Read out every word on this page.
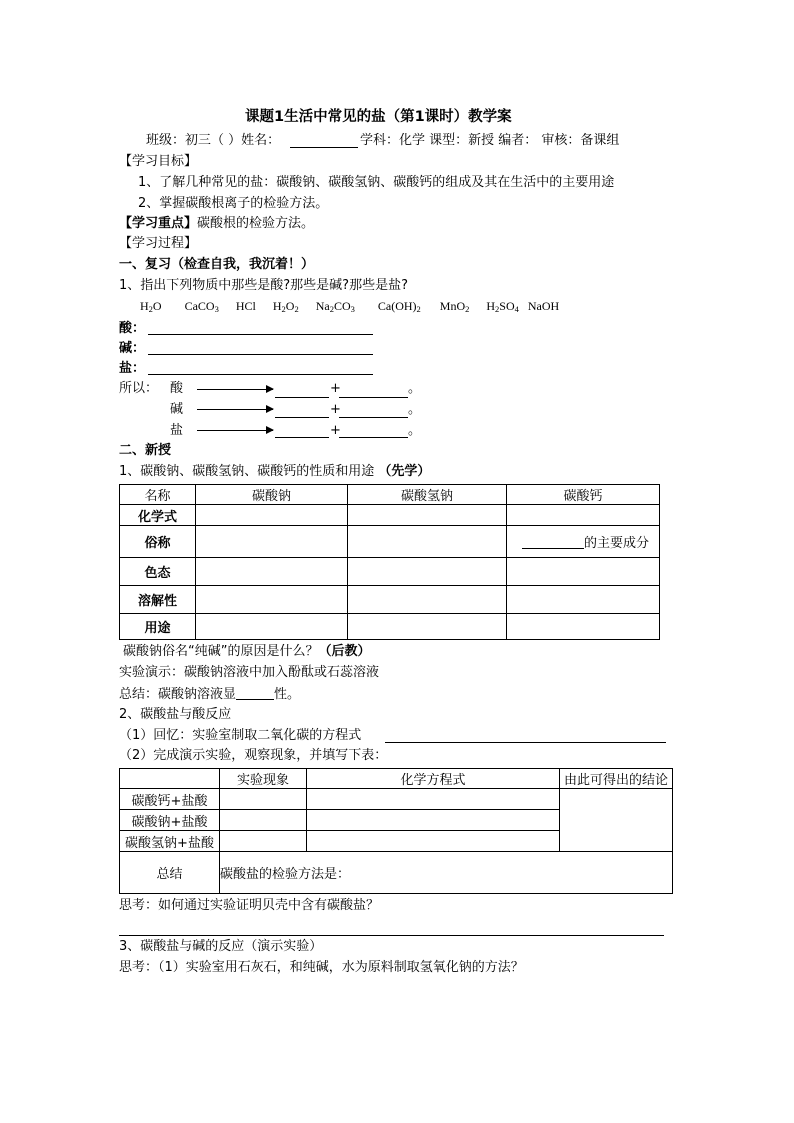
课题1生活中常见的盐（第1课时）教学案
班级：初三（ ）姓名：	学科：化学 课型：新授 编者： 审核：备课组
【学习目标】
1、了解几种常见的盐：碳酸钠、碳酸氢钠、碳酸钙的组成及其在生活中的主要用途
2、掌握碳酸根离子的检验方法。
【学习重点】碳酸根的检验方法。
【学习过程】
一、复习（检查自我，我沉着！）
1、指出下列物质中那些是酸?那些是碱?那些是盐?
$H_2O$ CaCO$_3$ HCl $H_2O_2$ $Na_2CO_3$ $Ca(OH)_2$ MnO$_2$ $H_2SO_4$ NaOH
酸：
碱：
盐：
所以： 酸	+	。
碱	+	。
盐	+	。
二、新授
1、碳酸钠、碳酸氢钠、碳酸钙的性质和用途 （先学）
名称	碳酸钠	碳酸氢钠	碳酸钙
化学式			
俗称			的主要成分
色态			
溶解性			
用途			
碳酸钠俗名“纯碱”的原因是什么？（后教）
实验演示：碳酸钠溶液中加入酚酞或石蕊溶液
总结：碳酸钠溶液显	性。
2、碳酸盐与酸反应
（1）回忆：实验室制取二氧化碳的方程式
（2）完成演示实验，观察现象，并填写下表：
	实验现象	化学方程式	由此可得出的结论
碳酸钙+盐酸			
碳酸钠+盐酸			
碳酸氢钠+盐酸			
总结	碳酸盐的检验方法是：		
思考：如何通过实验证明贝壳中含有碳酸盐？
3、碳酸盐与碱的反应（演示实验）
思考：（1）实验室用石灰石，和纯碱，水为原料制取氢氧化钠的方法？
